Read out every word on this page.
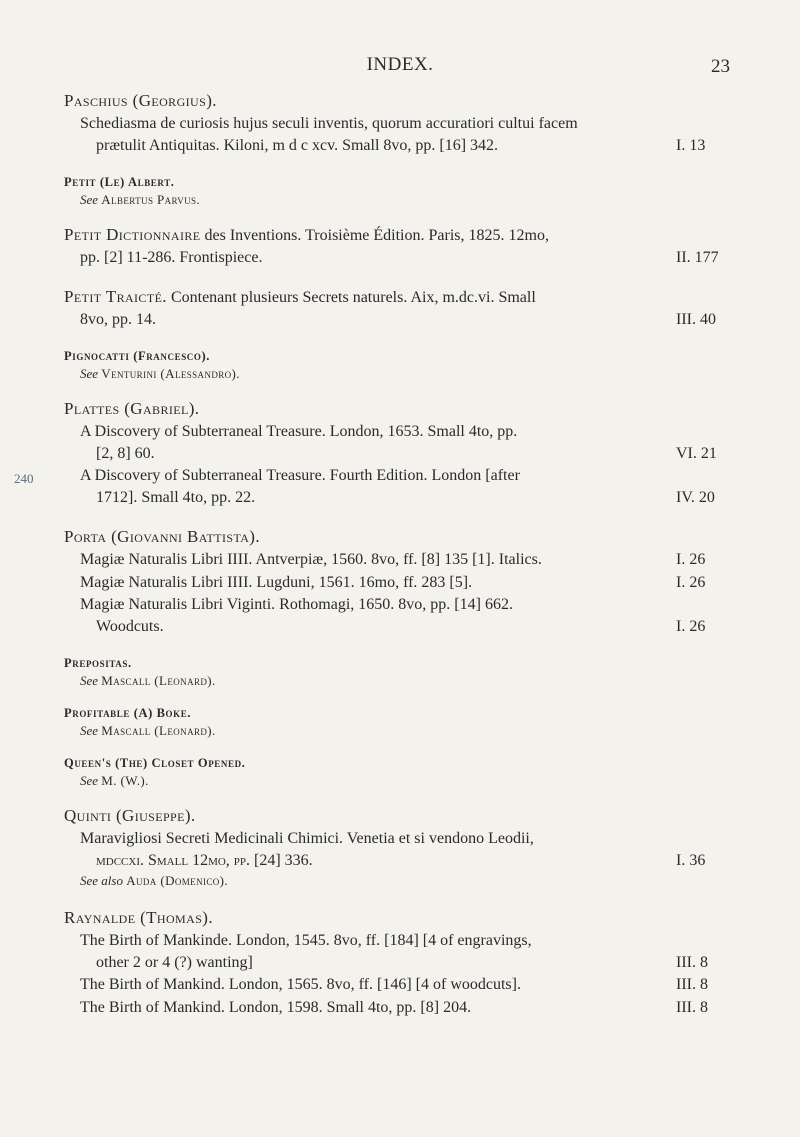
INDEX.	23
Paschius (Georgius).
Schediasma de curiosis hujus seculi inventis, quorum accuratiori cultui facem
prætulit Antiquitas. Kiloni, m d c xcv. Small 8vo, pp. [16] 342.	I. 13
Petit (Le) Albert.
See Albertus Parvus.
Petit Dictionnaire des Inventions. Troisième Édition. Paris, 1825. 12mo,
pp. [2] 11-286. Frontispiece.	II. 177
Petit Traicté. Contenant plusieurs Secrets naturels. Aix, m.dc.vi. Small
8vo, pp. 14.	III. 40
Pignocatti (Francesco).
See Venturini (Alessandro).
Plattes (Gabriel).
A Discovery of Subterraneal Treasure. London, 1653. Small 4to, pp.
[2, 8] 60.	VI. 21
240	A Discovery of Subterraneal Treasure. Fourth Edition. London [after
1712]. Small 4to, pp. 22.	IV. 20
Porta (Giovanni Battista).
Magiæ Naturalis Libri IIII. Antverpiæ, 1560. 8vo, ff. [8] 135 [1]. Italics.	I. 26
Magiæ Naturalis Libri IIII. Lugduni, 1561. 16mo, ff. 283 [5].	I. 26
Magiæ Naturalis Libri Viginti. Rothomagi, 1650. 8vo, pp. [14] 662.
Woodcuts.	I. 26
Prepositas.
See Mascall (Leonard).
Profitable (A) Boke.
See Mascall (Leonard).
Queen's (The) Closet Opened.
See M. (W.).
Quinti (Giuseppe).
Maravigliosi Secreti Medicinali Chimici. Venetia et si vendono Leodii,
mdccxi. Small 12mo, pp. [24] 336.	I. 36
See also Auda (Domenico).
Raynalde (Thomas).
The Birth of Mankinde. London, 1545. 8vo, ff. [184] [4 of engravings,
other 2 or 4 (?) wanting]	III. 8
The Birth of Mankind. London, 1565. 8vo, ff. [146] [4 of woodcuts].	III. 8
The Birth of Mankind. London, 1598. Small 4to, pp. [8] 204.	III. 8
